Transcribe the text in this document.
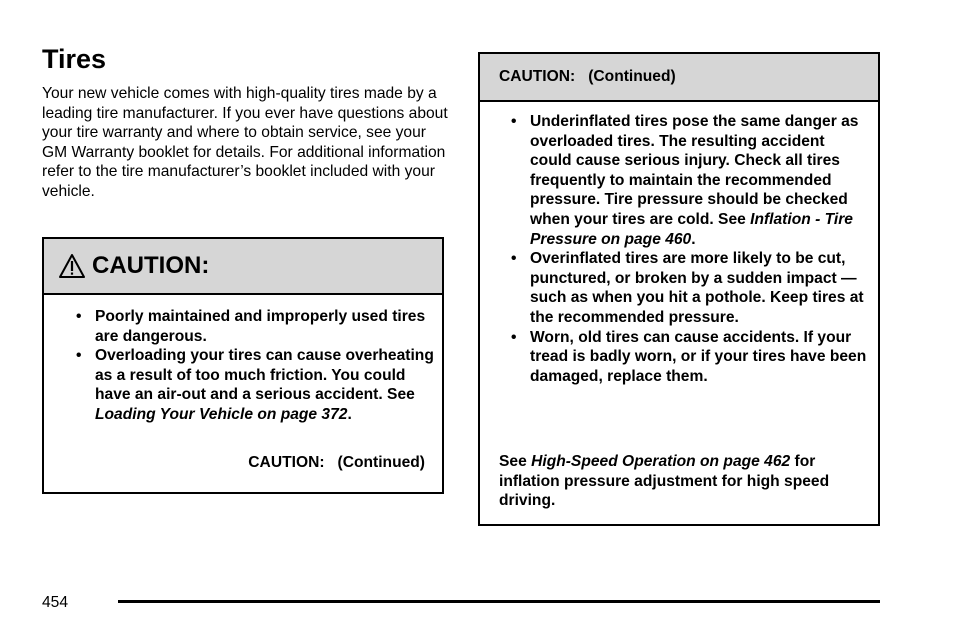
Tires

Your new vehicle comes with high-quality tires made by a leading tire manufacturer. If you ever have questions about your tire warranty and where to obtain service, see your GM Warranty booklet for details. For additional information refer to the tire manufacturer’s booklet included with your vehicle.

CAUTION:
• Poorly maintained and improperly used tires are dangerous.
• Overloading your tires can cause overheating as a result of too much friction. You could have an air-out and a serious accident. See Loading Your Vehicle on page 372.
CAUTION:   (Continued)
CAUTION:   (Continued)
• Underinflated tires pose the same danger as overloaded tires. The resulting accident could cause serious injury. Check all tires frequently to maintain the recommended pressure. Tire pressure should be checked when your tires are cold. See Inflation - Tire Pressure on page 460.
• Overinflated tires are more likely to be cut, punctured, or broken by a sudden impact — such as when you hit a pothole. Keep tires at the recommended pressure.
• Worn, old tires can cause accidents. If your tread is badly worn, or if your tires have been damaged, replace them.

See High-Speed Operation on page 462 for inflation pressure adjustment for high speed driving.

454
